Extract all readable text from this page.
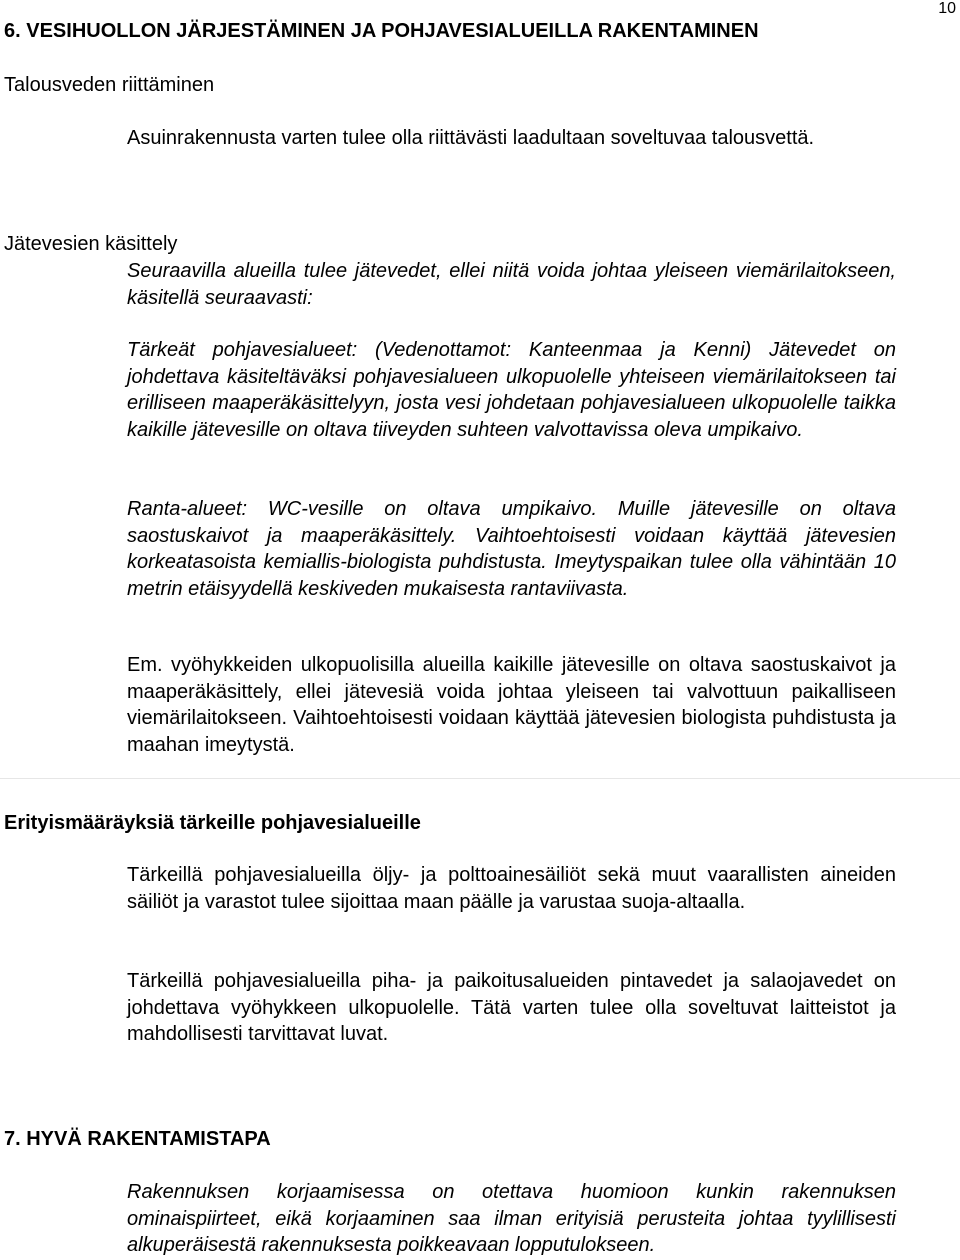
10
6. VESIHUOLLON JÄRJESTÄMINEN JA POHJAVESIALUEILLA RAKENTAMINEN

Talousveden riittäminen

Asuinrakennusta varten tulee olla riittävästi laadultaan soveltuvaa talousvettä.

Jätevesien käsittely

Seuraavilla alueilla tulee jätevedet, ellei niitä voida johtaa yleiseen viemärilaitokseen, käsitellä seuraavasti:

Tärkeät pohjavesialueet: (Vedenottamot: Kanteenmaa ja Kenni) Jätevedet on johdettava käsiteltäväksi pohjavesialueen ulkopuolelle yhteiseen viemärilaitokseen tai erilliseen maaperäkäsittelyyn, josta vesi johdetaan pohjavesialueen ulkopuolelle taikka kaikille jätevesille on oltava tiiveyden suhteen valvottavissa oleva umpikaivo.

Ranta-alueet: WC-vesille on oltava umpikaivo. Muille jätevesille on oltava saostuskaivot ja maaperäkäsittely. Vaihtoehtoisesti voidaan käyttää jätevesien korkeatasoista kemiallis-biologista puhdistusta. Imeytyspaikan tulee olla vähintään 10 metrin etäisyydellä keskiveden mukaisesta rantaviivasta.

Em. vyöhykkeiden ulkopuolisilla alueilla kaikille jätevesille on oltava saostuskaivot ja maaperäkäsittely, ellei jätevesiä voida johtaa yleiseen tai valvottuun paikalliseen viemärilaitokseen. Vaihtoehtoisesti voidaan käyttää jätevesien biologista puhdistusta ja maahan imeytystä.

Erityismääräyksiä tärkeille pohjavesialueille

Tärkeillä pohjavesialueilla öljy- ja polttoainesäiliöt sekä muut vaarallisten aineiden säiliöt ja varastot tulee sijoittaa maan päälle ja varustaa suoja-altaalla.

Tärkeillä pohjavesialueilla piha- ja paikoitusalueiden pintavedet ja salaojavedet on johdettava vyöhykkeen ulkopuolelle. Tätä varten tulee olla soveltuvat laitteistot ja mahdollisesti tarvittavat luvat.

7. HYVÄ RAKENTAMISTAPA

Rakennuksen korjaamisessa on otettava huomioon kunkin rakennuksen ominaispiirteet, eikä korjaaminen saa ilman erityisiä perusteita johtaa tyylillisesti alkuperäisestä rakennuksesta poikkeavaan lopputulokseen.
